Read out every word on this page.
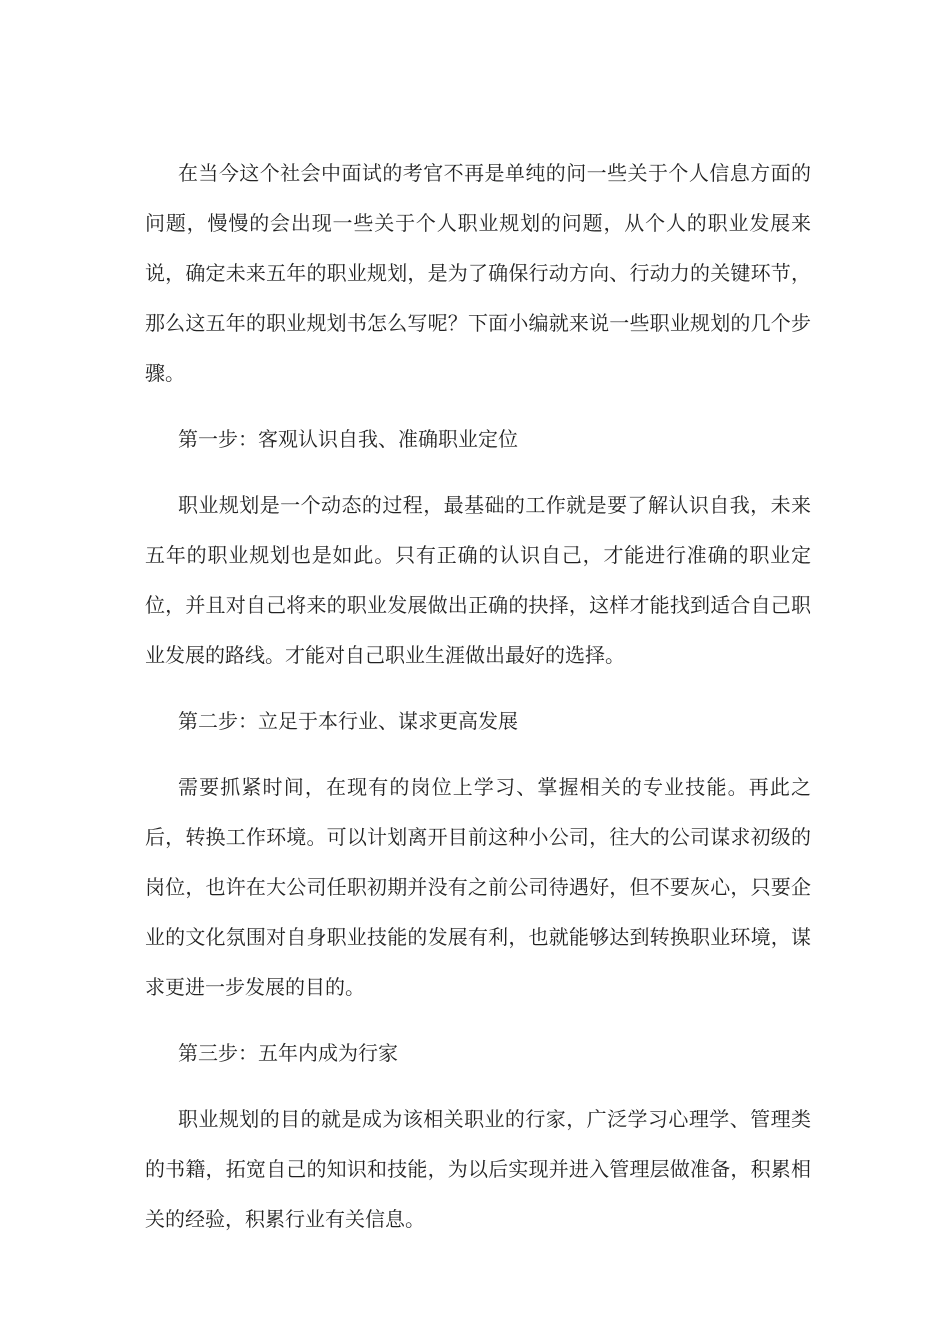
在当今这个社会中面试的考官不再是单纯的问一些关于个人信息方面的问题，慢慢的会出现一些关于个人职业规划的问题，从个人的职业发展来说，确定未来五年的职业规划，是为了确保行动方向、行动力的关键环节，那么这五年的职业规划书怎么写呢？下面小编就来说一些职业规划的几个步骤。

第一步：客观认识自我、准确职业定位

职业规划是一个动态的过程，最基础的工作就是要了解认识自我，未来五年的职业规划也是如此。只有正确的认识自己，才能进行准确的职业定位，并且对自己将来的职业发展做出正确的抉择，这样才能找到适合自己职业发展的路线。才能对自己职业生涯做出最好的选择。

第二步：立足于本行业、谋求更高发展

需要抓紧时间，在现有的岗位上学习、掌握相关的专业技能。再此之后，转换工作环境。可以计划离开目前这种小公司，往大的公司谋求初级的岗位，也许在大公司任职初期并没有之前公司待遇好，但不要灰心，只要企业的文化氛围对自身职业技能的发展有利，也就能够达到转换职业环境，谋求更进一步发展的目的。

第三步：五年内成为行家

职业规划的目的就是成为该相关职业的行家，广泛学习心理学、管理类的书籍，拓宽自己的知识和技能，为以后实现并进入管理层做准备，积累相关的经验，积累行业有关信息。
